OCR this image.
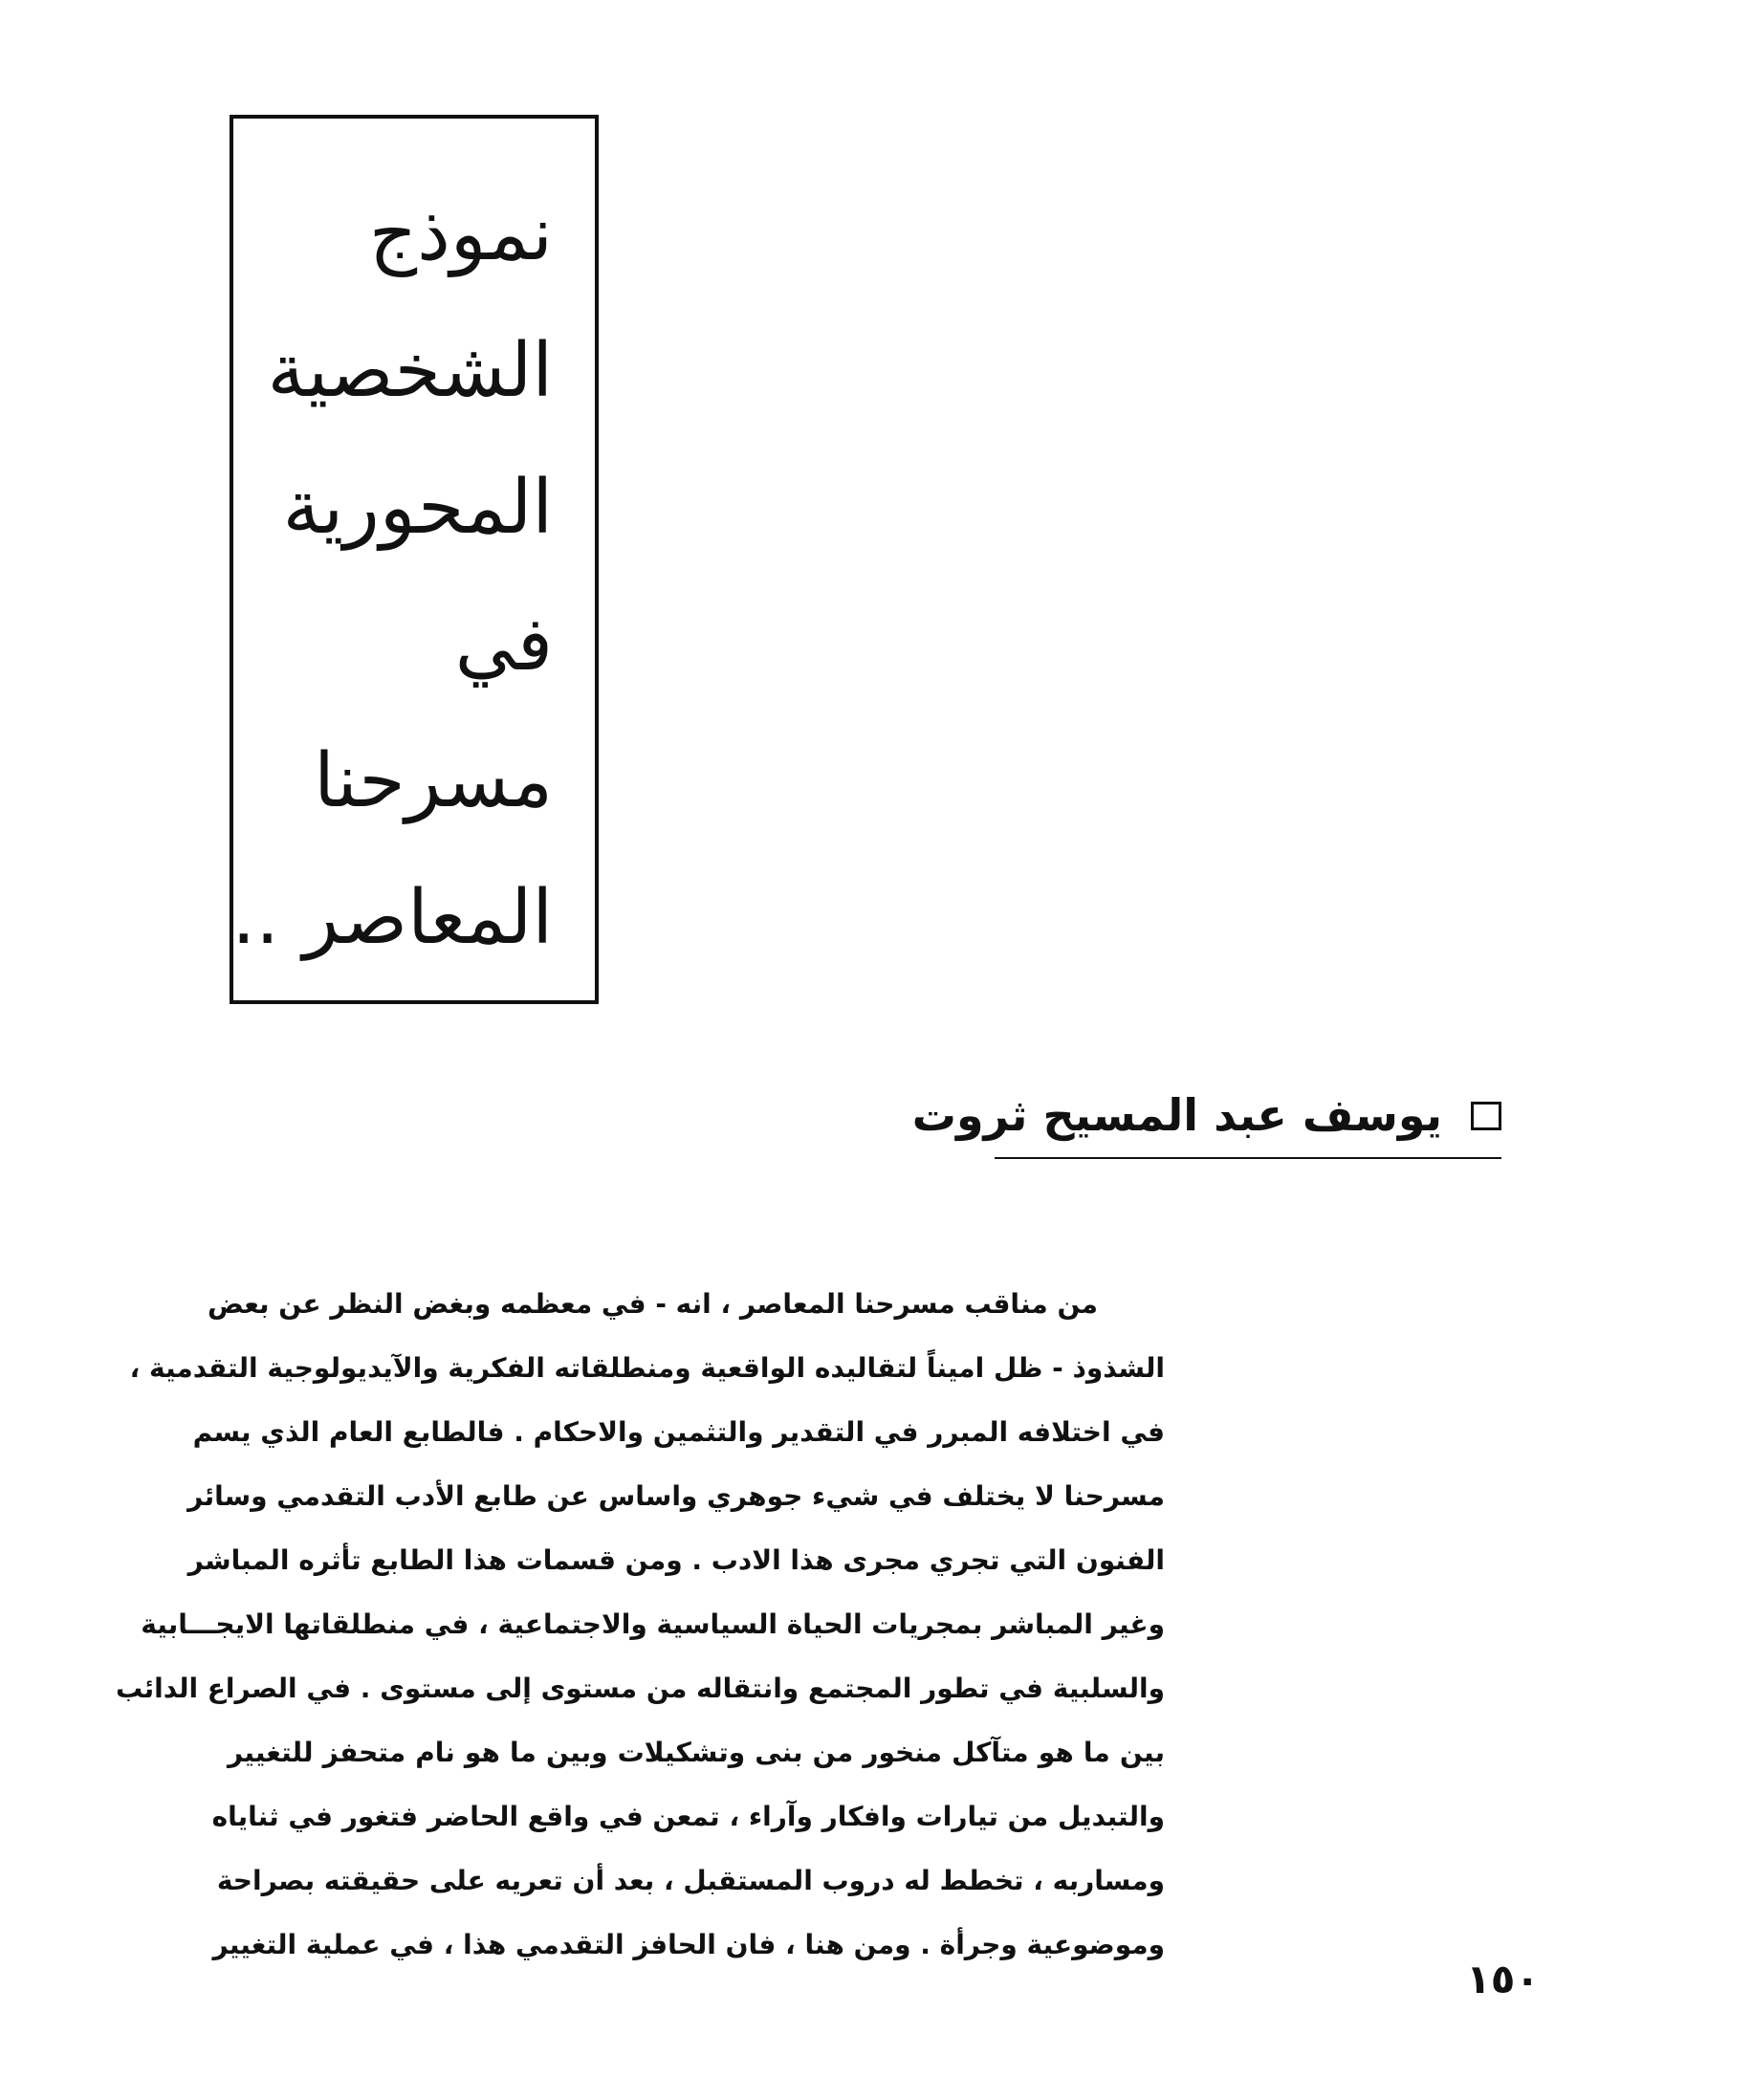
نموذج
الشخصية
المحورية
في
مسرحنا
المعاصر ..
يوسف عبد المسيح ثروت
من مناقب مسرحنا المعاصر ، انه - في معظمه وبغض النظر عن بعض
الشذوذ - ظل اميناً لتقاليده الواقعية ومنطلقاته الفكرية والآيديولوجية التقدمية ،
في اختلافه المبرر في التقدير والتثمين والاحكام . فالطابع العام الذي يسم
مسرحنا لا يختلف في شيء جوهري واساس عن طابع الأدب التقدمي وسائر
الفنون التي تجري مجرى هذا الادب . ومن قسمات هذا الطابع تأثره المباشر
وغير المباشر بمجريات الحياة السياسية والاجتماعية ، في منطلقاتها الايجـــابية
والسلبية في تطور المجتمع وانتقاله من مستوى إلى مستوى . في الصراع الدائب
بين ما هو متآكل منخور من بنى وتشكيلات وبين ما هو نام متحفز للتغيير
والتبديل من تيارات وافكار وآراء ، تمعن في واقع الحاضر فتغور في ثناياه
ومساربه ، تخطط له دروب المستقبل ، بعد أن تعريه على حقيقته بصراحة
وموضوعية وجرأة . ومن هنا ، فان الحافز التقدمي هذا ، في عملية التغيير
١٥٠
